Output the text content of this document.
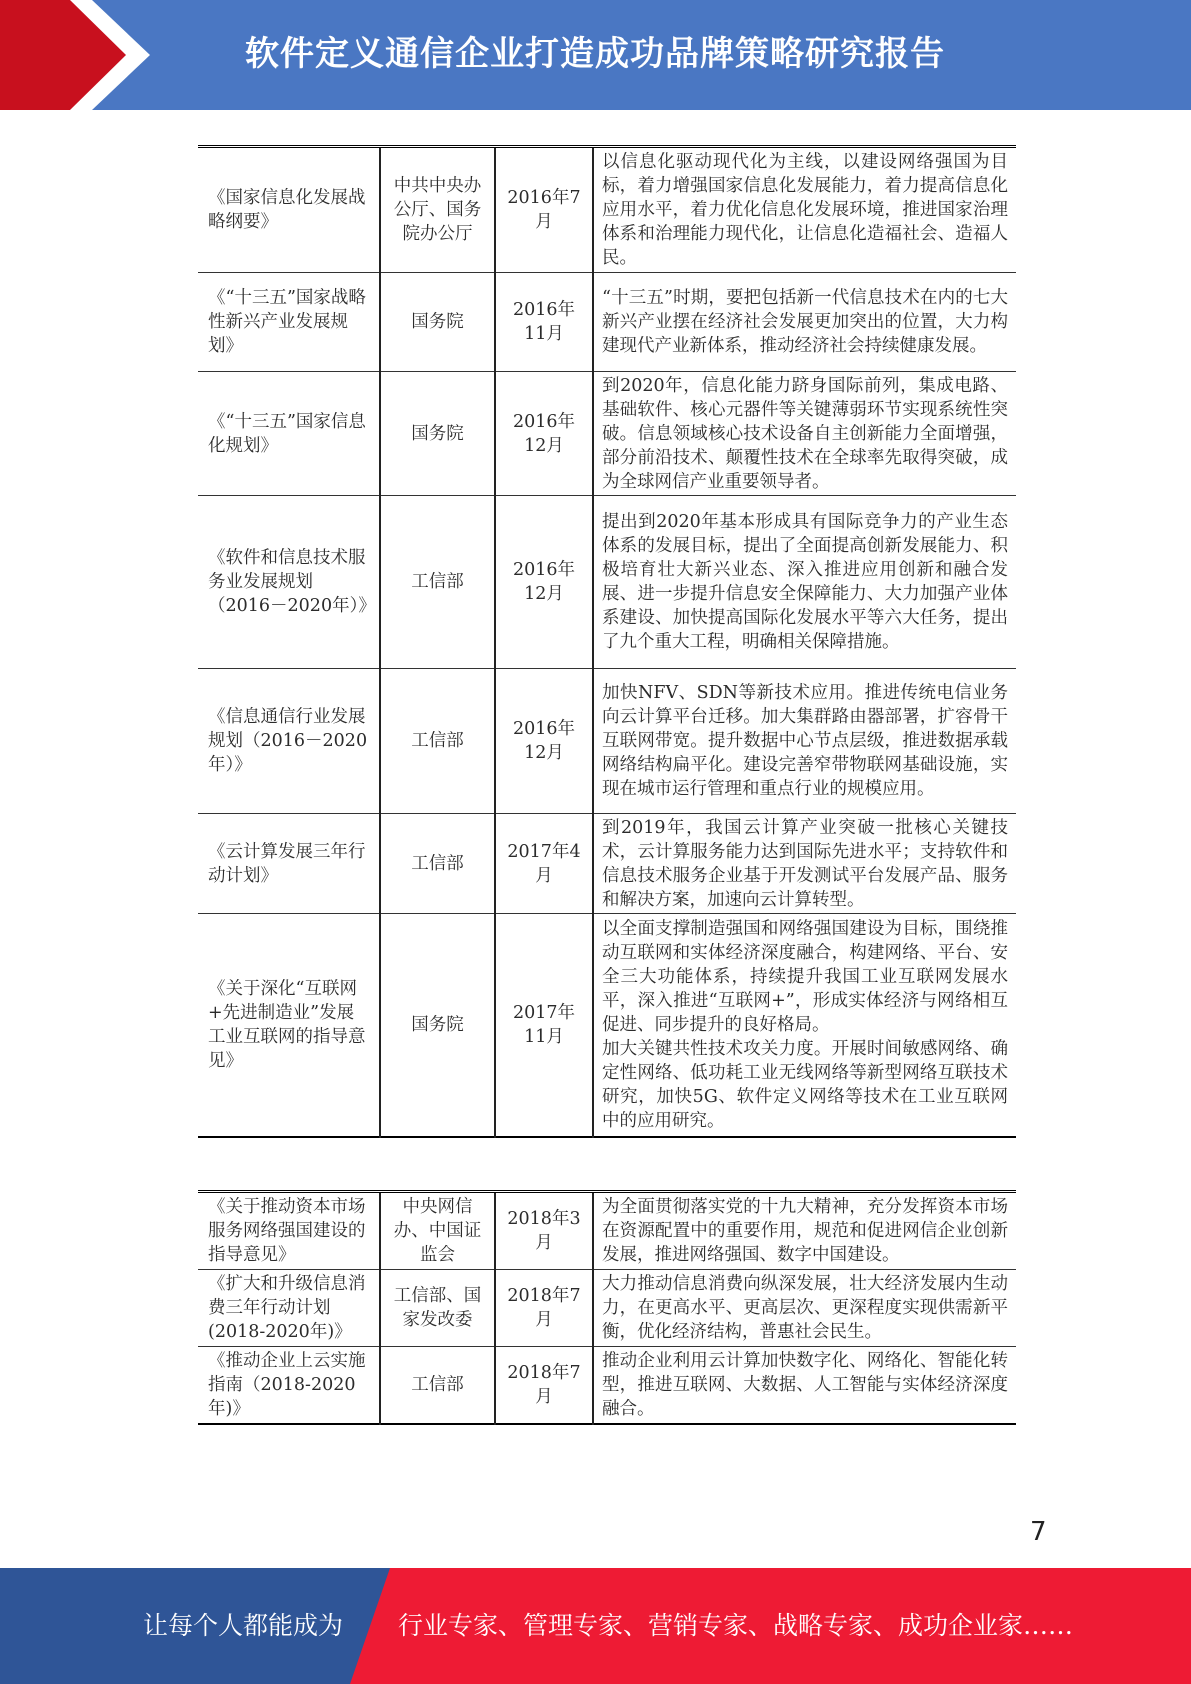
软件定义通信企业打造成功品牌策略研究报告
《国家信息化发展战略纲要》	中共中央办公厅、国务院办公厅	2016年7月	以信息化驱动现代化为主线，以建设网络强国为目标，着力增强国家信息化发展能力，着力提高信息化应用水平，着力优化信息化发展环境，推进国家治理体系和治理能力现代化，让信息化造福社会、造福人民。

《“十三五”国家战略性新兴产业发展规划》	国务院	2016年11月	“十三五”时期，要把包括新一代信息技术在内的七大新兴产业摆在经济社会发展更加突出的位置，大力构建现代产业新体系，推动经济社会持续健康发展。

《“十三五”国家信息化规划》	国务院	2016年12月	到2020年，信息化能力跻身国际前列，集成电路、基础软件、核心元器件等关键薄弱环节实现系统性突破。信息领域核心技术设备自主创新能力全面增强，部分前沿技术、颠覆性技术在全球率先取得突破，成为全球网信产业重要领导者。

《软件和信息技术服务业发展规划（2016－2020年）》	工信部	2016年12月	提出到2020年基本形成具有国际竞争力的产业生态体系的发展目标，提出了全面提高创新发展能力、积极培育壮大新兴业态、深入推进应用创新和融合发展、进一步提升信息安全保障能力、大力加强产业体系建设、加快提高国际化发展水平等六大任务，提出了九个重大工程，明确相关保障措施。

《信息通信行业发展规划（2016－2020年）》	工信部	2016年12月	加快NFV、SDN等新技术应用。推进传统电信业务向云计算平台迁移。加大集群路由器部署，扩容骨干互联网带宽。提升数据中心节点层级，推进数据承载网络结构扁平化。建设完善窄带物联网基础设施，实现在城市运行管理和重点行业的规模应用。

《云计算发展三年行动计划》	工信部	2017年4月	到2019年，我国云计算产业突破一批核心关键技术，云计算服务能力达到国际先进水平；支持软件和信息技术服务企业基于开发测试平台发展产品、服务和解决方案，加速向云计算转型。

《关于深化“互联网+先进制造业”发展工业互联网的指导意见》	国务院	2017年11月	以全面支撑制造强国和网络强国建设为目标，围绕推动互联网和实体经济深度融合，构建网络、平台、安全三大功能体系，持续提升我国工业互联网发展水平，深入推进“互联网+”，形成实体经济与网络相互促进、同步提升的良好格局。
加大关键共性技术攻关力度。开展时间敏感网络、确定性网络、低功耗工业无线网络等新型网络互联技术研究，加快5G、软件定义网络等技术在工业互联网中的应用研究。
《关于推动资本市场服务网络强国建设的指导意见》	中央网信办、中国证监会	2018年3月	为全面贯彻落实党的十九大精神，充分发挥资本市场在资源配置中的重要作用，规范和促进网信企业创新发展，推进网络强国、数字中国建设。

《扩大和升级信息消费三年行动计划(2018-2020年)》	工信部、国家发改委	2018年7月	大力推动信息消费向纵深发展，壮大经济发展内生动力，在更高水平、更高层次、更深程度实现供需新平衡，优化经济结构，普惠社会民生。

《推动企业上云实施指南（2018-2020年)》	工信部	2018年7月	推动企业利用云计算加快数字化、网络化、智能化转型，推进互联网、大数据、人工智能与实体经济深度融合。
7
让每个人都能成为 行业专家、管理专家、营销专家、战略专家、成功企业家……
